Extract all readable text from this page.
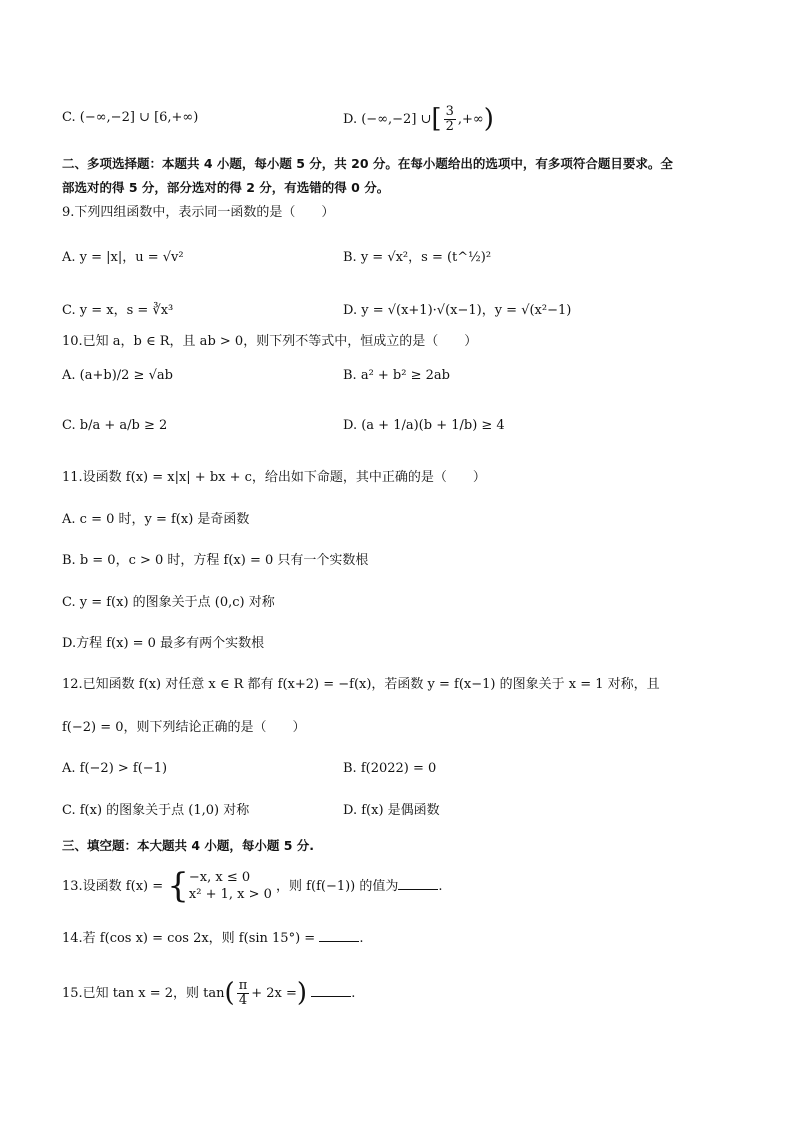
C. (−∞,−2] ∪ [6,+∞)	D. (−∞,−2] ∪[ $\frac{3}{2}$ ,+∞)
二、多项选择题：本题共 4 小题，每小题 5 分，共 20 分。在每小题给出的选项中，有多项符合题目要求。全
部选对的得 5 分，部分选对的得 2 分，有选错的得 0 分。
9.下列四组函数中，表示同一函数的是（　　）
A. y = |x|，u = √v²	B. y = √x²，s = (t^½)²
C. y = x，s = ∛x³	D. y = √(x+1)·√(x−1)，y = √(x²−1)
10.已知 a，b ∈ R，且 ab > 0，则下列不等式中，恒成立的是（　　）
A. (a+b)/2 ≥ √ab	B. a² + b² ≥ 2ab
C. b/a + a/b ≥ 2	D. (a + 1/a)(b + 1/b) ≥ 4
11.设函数 f(x) = x|x| + bx + c，给出如下命题，其中正确的是（　　）
A. c = 0 时，y = f(x) 是奇函数
B. b = 0，c > 0 时，方程 f(x) = 0 只有一个实数根
C. y = f(x) 的图象关于点 (0,c) 对称
D.方程 f(x) = 0 最多有两个实数根
12.已知函数 f(x) 对任意 x ∈ R 都有 f(x+2) = −f(x)，若函数 y = f(x−1) 的图象关于 x = 1 对称，且
f(−2) = 0，则下列结论正确的是（　　）
A. f(−2) > f(−1)	B. f(2022) = 0
C. f(x) 的图象关于点 (1,0) 对称	D. f(x) 是偶函数
三、填空题：本大题共 4 小题，每小题 5 分.
13.设函数 f(x) = { −x, x ≤ 0
x² + 1, x > 0
，则 f(f(−1)) 的值为	.
14.若 f(cos x) = cos 2x，则 f(sin 15°) =	.
15.已知 tan x = 2，则 $\tan( \frac{\pi}{4} + 2x$ =)	.
